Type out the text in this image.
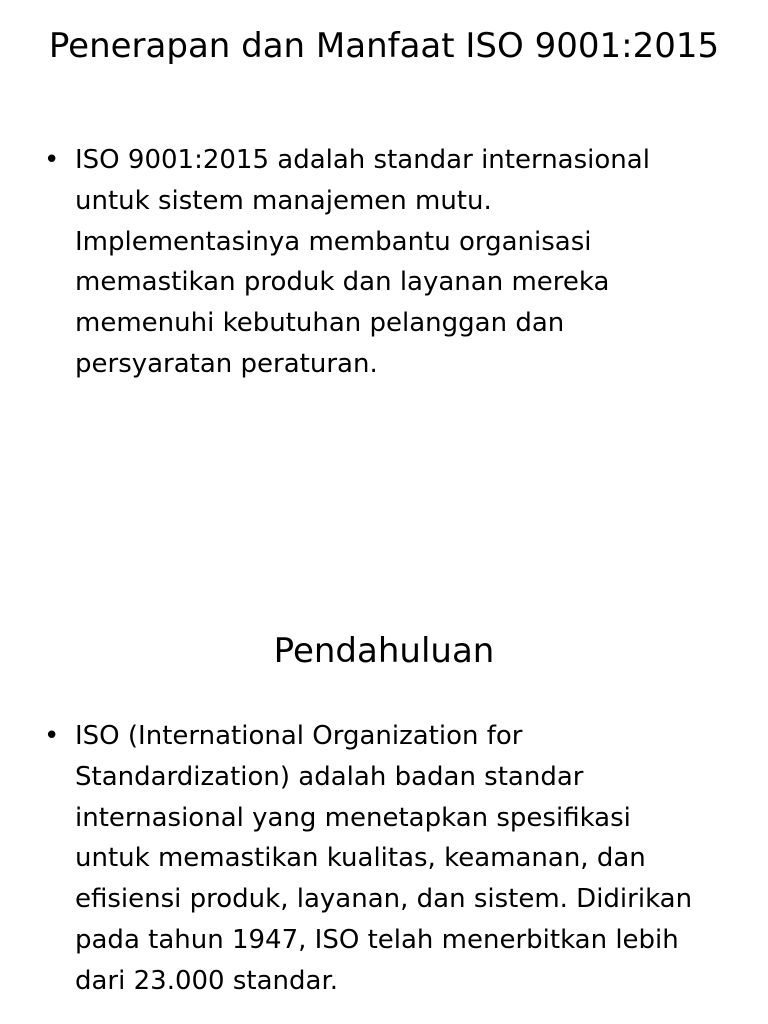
Penerapan dan Manfaat ISO 9001:2015
• ISO 9001:2015 adalah standar internasional untuk sistem manajemen mutu. Implementasinya membantu organisasi memastikan produk dan layanan mereka memenuhi kebutuhan pelanggan dan persyaratan peraturan.
Pendahuluan
• ISO (International Organization for Standardization) adalah badan standar internasional yang menetapkan spesifikasi untuk memastikan kualitas, keamanan, dan efisiensi produk, layanan, dan sistem. Didirikan pada tahun 1947, ISO telah menerbitkan lebih dari 23.000 standar.
